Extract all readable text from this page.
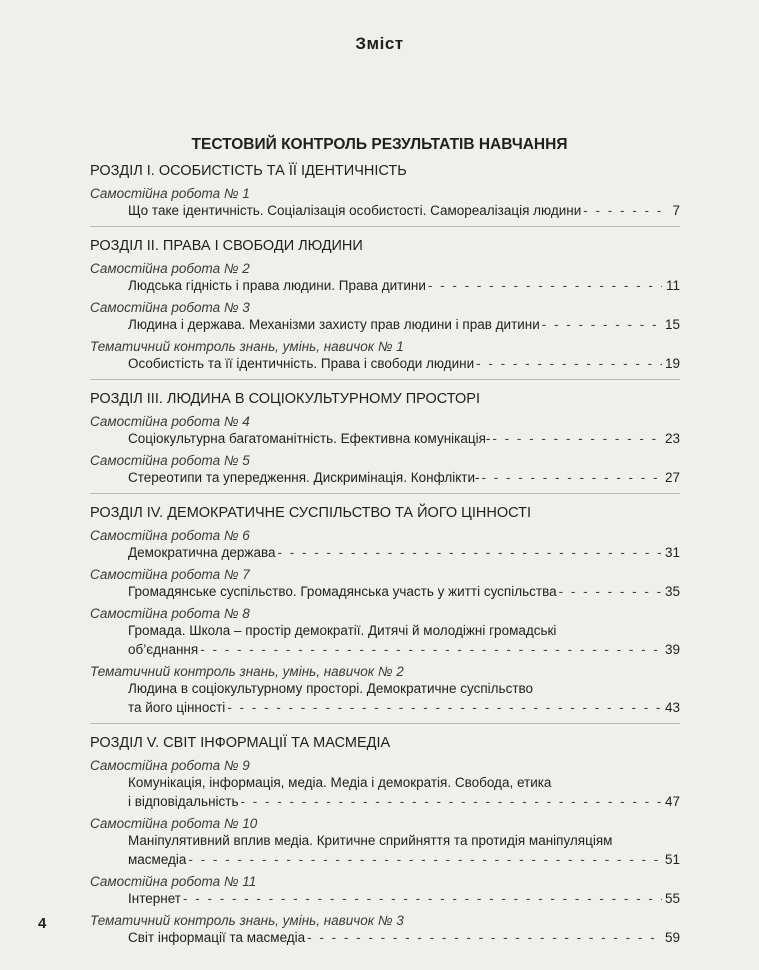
Зміст
ТЕСТОВИЙ КОНТРОЛЬ РЕЗУЛЬТАТІВ НАВЧАННЯ
РОЗДІЛ I. ОСОБИСТІСТЬ ТА ЇЇ ІДЕНТИЧНІСТЬ
Самостійна робота № 1
Що таке ідентичність. Соціалізація особистості. Самореалізація людини - - -	7
РОЗДІЛ II. ПРАВА І СВОБОДИ ЛЮДИНИ
Самостійна робота № 2
Людська гідність і права людини. Права дитини - - -	11
Самостійна робота № 3
Людина і держава. Механізми захисту прав людини і прав дитини - - -	15
Тематичний контроль знань, умінь, навичок № 1
Особистість та її ідентичність. Права і свободи людини - - -	19
РОЗДІЛ III. ЛЮДИНА В СОЦІОКУЛЬТУРНОМУ ПРОСТОРІ
Самостійна робота № 4
Соціокультурна багатоманітність. Ефективна комунікація- - - -	23
Самостійна робота № 5
Стереотипи та упередження. Дискримінація. Конфлікти- - - -	27
РОЗДІЛ IV. ДЕМОКРАТИЧНЕ СУСПІЛЬСТВО ТА ЙОГО ЦІННОСТІ
Самостійна робота № 6
Демократична держава - - -	31
Самостійна робота № 7
Громадянське суспільство. Громадянська участь у житті суспільства - - -	35
Самостійна робота № 8
Громада. Школа – простір демократії. Дитячі й молодіжні громадські
об’єднання - - -	39
Тематичний контроль знань, умінь, навичок № 2
Людина в соціокультурному просторі. Демократичне суспільство
та його цінності - - -	43
РОЗДІЛ V. СВІТ ІНФОРМАЦІЇ ТА МАСМЕДІА
Самостійна робота № 9
Комунікація, інформація, медіа. Медіа і демократія. Свобода, етика
і відповідальність - - -	47
Самостійна робота № 10
Маніпулятивний вплив медіа. Критичне сприйняття та протидія маніпуляціям
масмедіа - - -	51
Самостійна робота № 11
Інтернет - - -	55
Тематичний контроль знань, умінь, навичок № 3
Світ інформації та масмедіа - - -	59
4
